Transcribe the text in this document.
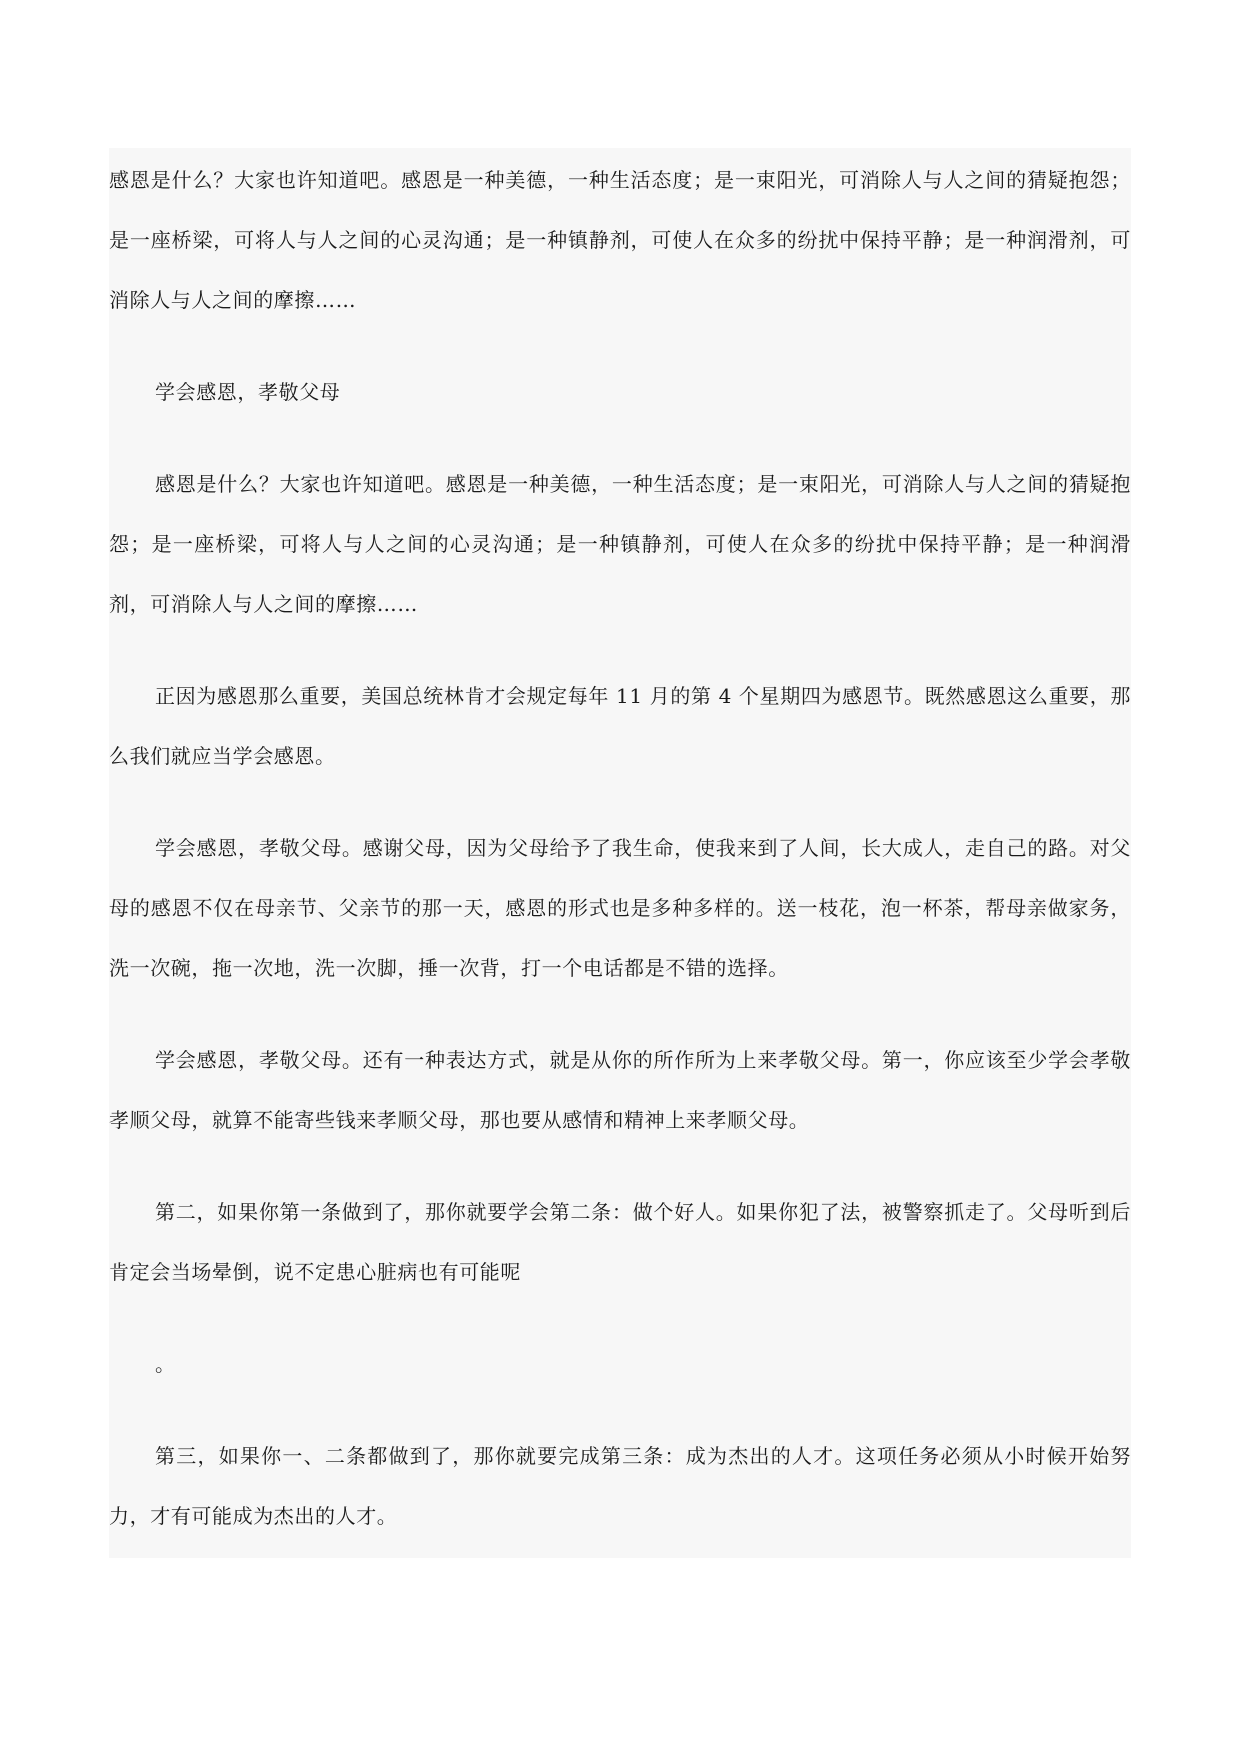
感恩是什么？大家也许知道吧。感恩是一种美德，一种生活态度；是一束阳光，可消除人与人之间的猜疑抱怨；是一座桥梁，可将人与人之间的心灵沟通；是一种镇静剂，可使人在众多的纷扰中保持平静；是一种润滑剂，可消除人与人之间的摩擦……

学会感恩，孝敬父母

感恩是什么？大家也许知道吧。感恩是一种美德，一种生活态度；是一束阳光，可消除人与人之间的猜疑抱怨；是一座桥梁，可将人与人之间的心灵沟通；是一种镇静剂，可使人在众多的纷扰中保持平静；是一种润滑剂，可消除人与人之间的摩擦……

正因为感恩那么重要，美国总统林肯才会规定每年 11 月的第 4 个星期四为感恩节。既然感恩这么重要，那么我们就应当学会感恩。

学会感恩，孝敬父母。感谢父母，因为父母给予了我生命，使我来到了人间，长大成人，走自己的路。对父母的感恩不仅在母亲节、父亲节的那一天，感恩的形式也是多种多样的。送一枝花，泡一杯茶，帮母亲做家务，洗一次碗，拖一次地，洗一次脚，捶一次背，打一个电话都是不错的选择。

学会感恩，孝敬父母。还有一种表达方式，就是从你的所作所为上来孝敬父母。第一，你应该至少学会孝敬孝顺父母，就算不能寄些钱来孝顺父母，那也要从感情和精神上来孝顺父母。

第二，如果你第一条做到了，那你就要学会第二条：做个好人。如果你犯了法，被警察抓走了。父母听到后肯定会当场晕倒，说不定患心脏病也有可能呢

。

第三，如果你一、二条都做到了，那你就要完成第三条：成为杰出的人才。这项任务必须从小时候开始努力，才有可能成为杰出的人才。
